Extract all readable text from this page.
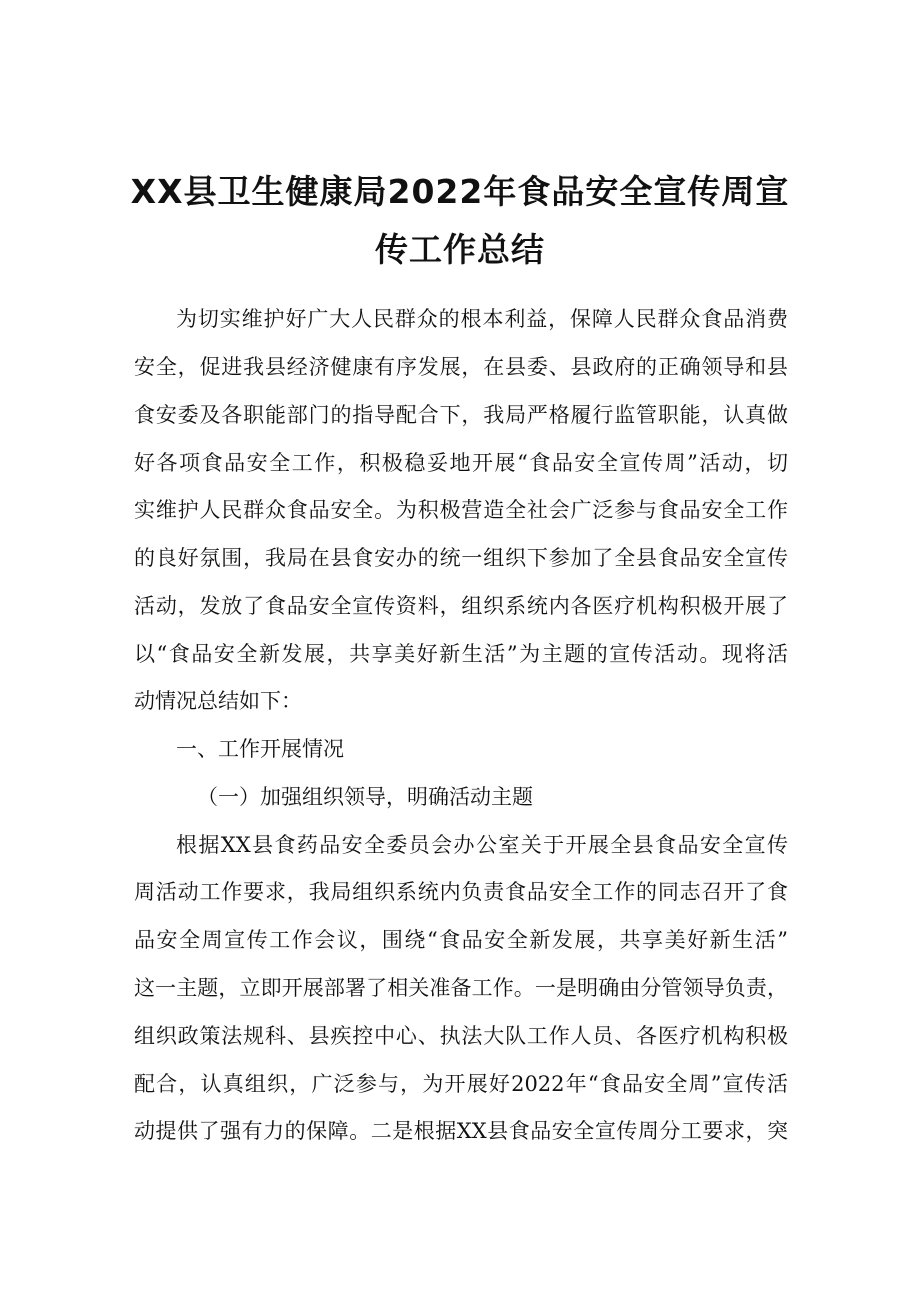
XX县卫生健康局2022年食品安全宣传周宣
传工作总结

为切实维护好广大人民群众的根本利益，保障人民群众食品消费

安全，促进我县经济健康有序发展，在县委、县政府的正确领导和县

食安委及各职能部门的指导配合下，我局严格履行监管职能，认真做

好各项食品安全工作，积极稳妥地开展“食品安全宣传周”活动，切

实维护人民群众食品安全。为积极营造全社会广泛参与食品安全工作

的良好氛围，我局在县食安办的统一组织下参加了全县食品安全宣传

活动，发放了食品安全宣传资料，组织系统内各医疗机构积极开展了

以“食品安全新发展，共享美好新生活”为主题的宣传活动。现将活

动情况总结如下：

一、工作开展情况

（一）加强组织领导，明确活动主题

根据XX县食药品安全委员会办公室关于开展全县食品安全宣传

周活动工作要求，我局组织系统内负责食品安全工作的同志召开了食

品安全周宣传工作会议，围绕“食品安全新发展，共享美好新生活”

这一主题，立即开展部署了相关准备工作。一是明确由分管领导负责，

组织政策法规科、县疾控中心、执法大队工作人员、各医疗机构积极

配合，认真组织，广泛参与，为开展好2022年“食品安全周”宣传活

动提供了强有力的保障。二是根据XX县食品安全宣传周分工要求，突
